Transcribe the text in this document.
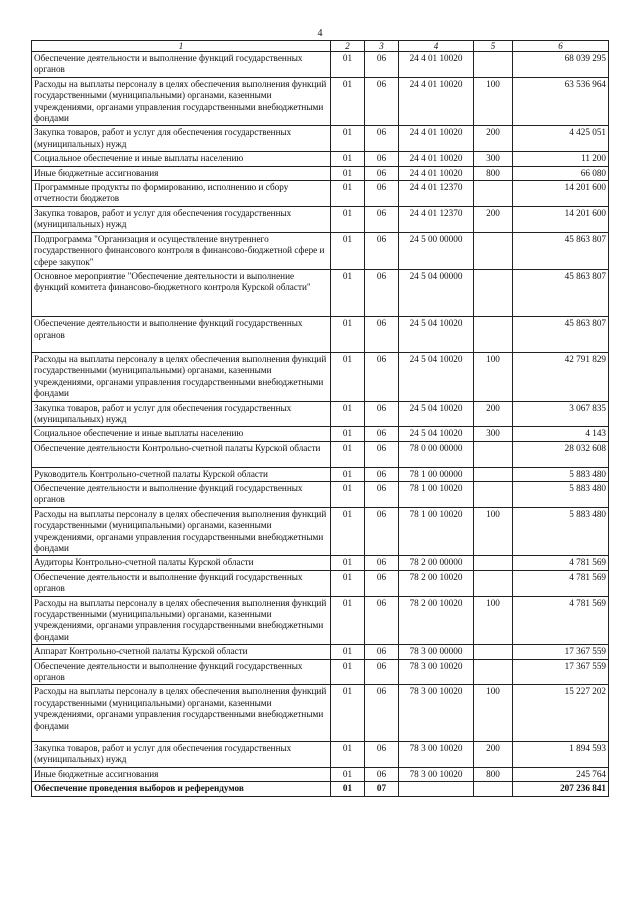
4
1	2	3	4	5	6
Обеспечение деятельности и выполнение функций государственных органов	01	06	24 4 01 10020		68 039 295
Расходы на выплаты персоналу в целях обеспечения выполнения функций государственными (муниципальными) органами, казенными учреждениями, органами управления государственными внебюджетными фондами	01	06	24 4 01 10020	100	63 536 964
Закупка товаров, работ и услуг для обеспечения государственных (муниципальных) нужд	01	06	24 4 01 10020	200	4 425 051
Социальное обеспечение и иные выплаты населению	01	06	24 4 01 10020	300	11 200
Иные бюджетные ассигнования	01	06	24 4 01 10020	800	66 080
Программные продукты по формированию, исполнению и сбору отчетности бюджетов	01	06	24 4 01 12370		14 201 600
Закупка товаров, работ и услуг для обеспечения государственных (муниципальных) нужд	01	06	24 4 01 12370	200	14 201 600
Подпрограмма "Организация и осуществление внутреннего государственного финансового контроля в финансово-бюджетной сфере и сфере закупок"	01	06	24 5 00 00000		45 863 807
Основное мероприятие "Обеспечение деятельности и выполнение функций комитета финансово-бюджетного контроля Курской области"	01	06	24 5 04 00000		45 863 807
Обеспечение деятельности и выполнение функций государственных органов	01	06	24 5 04 10020		45 863 807
Расходы на выплаты персоналу в целях обеспечения выполнения функций государственными (муниципальными) органами, казенными учреждениями, органами управления государственными внебюджетными фондами	01	06	24 5 04 10020	100	42 791 829
Закупка товаров, работ и услуг для обеспечения государственных (муниципальных) нужд	01	06	24 5 04 10020	200	3 067 835
Социальное обеспечение и иные выплаты населению	01	06	24 5 04 10020	300	4 143
Обеспечение деятельности Контрольно-счетной палаты Курской области	01	06	78 0 00 00000		28 032 608
Руководитель Контрольно-счетной палаты Курской области	01	06	78 1 00 00000		5 883 480
Обеспечение деятельности и выполнение функций государственных органов	01	06	78 1 00 10020		5 883 480
Расходы на выплаты персоналу в целях обеспечения выполнения функций государственными (муниципальными) органами, казенными учреждениями, органами управления государственными внебюджетными фондами	01	06	78 1 00 10020	100	5 883 480
Аудиторы Контрольно-счетной палаты Курской области	01	06	78 2 00 00000		4 781 569
Обеспечение деятельности и выполнение функций государственных органов	01	06	78 2 00 10020		4 781 569
Расходы на выплаты персоналу в целях обеспечения выполнения функций государственными (муниципальными) органами, казенными учреждениями, органами управления государственными внебюджетными фондами	01	06	78 2 00 10020	100	4 781 569
Аппарат Контрольно-счетной палаты Курской области	01	06	78 3 00 00000		17 367 559
Обеспечение деятельности и выполнение функций государственных органов	01	06	78 3 00 10020		17 367 559
Расходы на выплаты персоналу в целях обеспечения выполнения функций государственными (муниципальными) органами, казенными учреждениями, органами управления государственными внебюджетными фондами	01	06	78 3 00 10020	100	15 227 202
Закупка товаров, работ и услуг для обеспечения государственных (муниципальных) нужд	01	06	78 3 00 10020	200	1 894 593
Иные бюджетные ассигнования	01	06	78 3 00 10020	800	245 764
Обеспечение проведения выборов и референдумов	01	07			207 236 841
